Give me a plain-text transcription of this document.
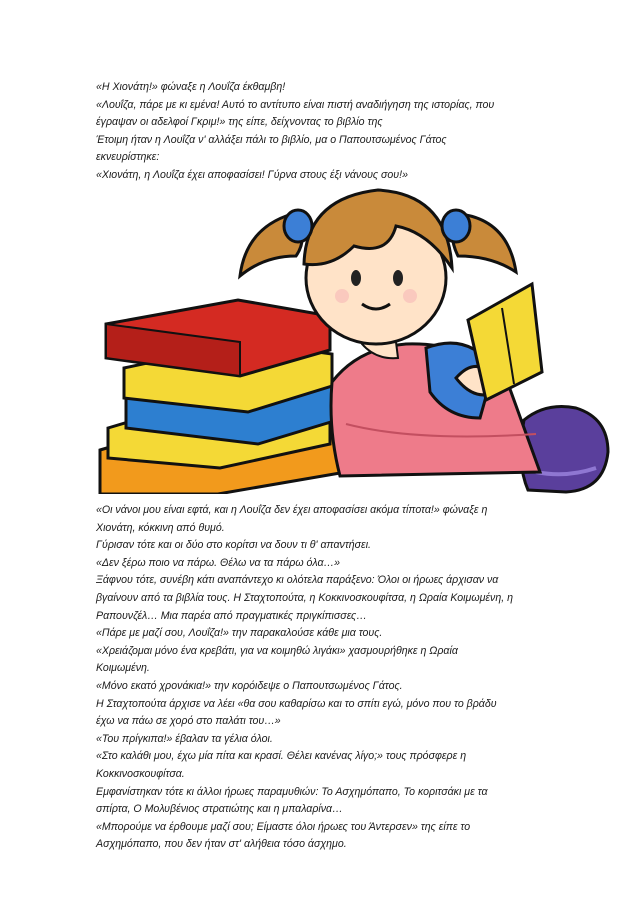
«Η Χιονάτη!» φώναξε η Λουΐζα έκθαμβη!

«Λουΐζα, πάρε με κι εμένα! Αυτό το αντίτυπο είναι πιστή αναδιήγηση της ιστορίας, που

έγραψαν οι αδελφοί Γκριμ!» της είπε, δείχνοντας το βιβλίο της

Έτοιμη ήταν η Λουΐζα ν' αλλάξει πάλι το βιβλίο, μα ο Παπουτσωμένος Γάτος

εκνευρίστηκε:

«Χιονάτη, η Λουΐζα έχει αποφασίσει! Γύρνα στους έξι νάνους σου!»

«Οι νάνοι μου είναι εφτά, και η Λουΐζα δεν έχει αποφασίσει ακόμα τίποτα!» φώναξε η

Χιονάτη, κόκκινη από θυμό.

Γύρισαν τότε και οι δύο στο κορίτσι να δουν τι θ' απαντήσει.

«Δεν ξέρω ποιο να πάρω. Θέλω να τα πάρω όλα…»

Ξάφνου τότε, συνέβη κάτι αναπάντεχο κι ολότελα παράξενο: Όλοι οι ήρωες άρχισαν να

βγαίνουν από τα βιβλία τους. Η Σταχτοπούτα, η Κοκκινοσκουφίτσα, η Ωραία Κοιμωμένη, η

Ραπουνζέλ… Μια παρέα από πραγματικές πριγκίπισσες…

«Πάρε με μαζί σου, Λουΐζα!» την παρακαλούσε κάθε μια τους.

«Χρειάζομαι μόνο ένα κρεβάτι, για να κοιμηθώ λιγάκι» χασμουρήθηκε η Ωραία

Κοιμωμένη.

«Μόνο εκατό χρονάκια!» την κορόιδεψε ο Παπουτσωμένος Γάτος.

Η Σταχτοπούτα άρχισε να λέει «θα σου καθαρίσω και το σπίτι εγώ, μόνο που το βράδυ

έχω να πάω σε χορό στο παλάτι του…»

«Του πρίγκιπα!» έβαλαν τα γέλια όλοι.

«Στο καλάθι μου, έχω μία πίτα και κρασί. Θέλει κανένας λίγο;» τους πρόσφερε η

Κοκκινοσκουφίτσα.

Εμφανίστηκαν τότε κι άλλοι ήρωες παραμυθιών: Το Ασχημόπαπο, Το κοριτσάκι με τα

σπίρτα, Ο Μολυβένιος στρατιώτης και η μπαλαρίνα…

«Μπορούμε να έρθουμε μαζί σου; Είμαστε όλοι ήρωες του Άντερσεν» της είπε το

Ασχημόπαπο, που δεν ήταν στ' αλήθεια τόσο άσχημο.
